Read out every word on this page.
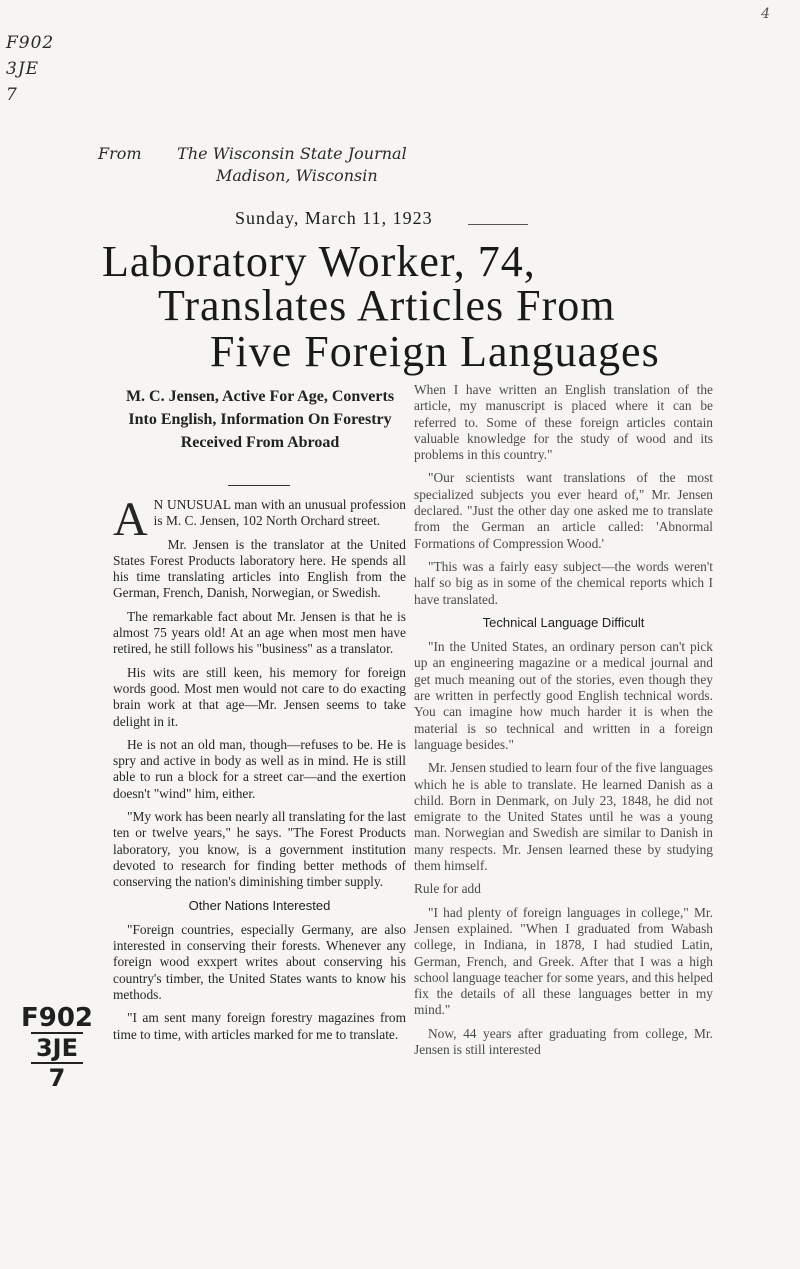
F902
3JE
7
4
From The Wisconsin State Journal
Madison, Wisconsin
Sunday, March 11, 1923
Laboratory Worker, 74,
Translates Articles From
Five Foreign Languages
M. C. Jensen, Active For Age, Converts Into English, Information On Forestry Received From Abroad

A N UNUSUAL man with an unusual profession is M. C. Jensen, 102 North Orchard street.

Mr. Jensen is the translator at the United States Forest Products laboratory here. He spends all his time translating articles into English from the German, French, Danish, Norwegian, or Swedish.

The remarkable fact about Mr. Jensen is that he is almost 75 years old! At an age when most men have retired, he still follows his "business" as a translator.

His wits are still keen, his memory for foreign words good. Most men would not care to do exacting brain work at that age—Mr. Jensen seems to take delight in it.

He is not an old man, though—refuses to be. He is spry and active in body as well as in mind. He is still able to run a block for a street car—and the exertion doesn't "wind" him, either.

"My work has been nearly all translating for the last ten or twelve years," he says. "The Forest Products laboratory, you know, is a government institution devoted to research for finding better methods of conserving the nation's diminishing timber supply.

Other Nations Interested

"Foreign countries, especially Germany, are also interested in conserving their forests. Whenever any foreign wood exxpert writes about conserving his country's timber, the United States wants to know his methods.

"I am sent many foreign forestry magazines from time to time, with articles marked for me to translate.

When I have written an English translation of the article, my manuscript is placed where it can be referred to. Some of these foreign articles contain valuable knowledge for the study of wood and its problems in this country."

"Our scientists want translations of the most specialized subjects you ever heard of," Mr. Jensen declared. "Just the other day one asked me to translate from the German an article called: 'Abnormal Formations of Compression Wood.'

"This was a fairly easy subject—the words weren't half so big as in some of the chemical reports which I have translated.

Technical Language Difficult

"In the United States, an ordinary person can't pick up an engineering magazine or a medical journal and get much meaning out of the stories, even though they are written in perfectly good English technical words. You can imagine how much harder it is when the material is so technical and written in a foreign language besides."

Mr. Jensen studied to learn four of the five languages which he is able to translate. He learned Danish as a child. Born in Denmark, on July 23, 1848, he did not emigrate to the United States until he was a young man. Norwegian and Swedish are similar to Danish in many respects. Mr. Jensen learned these by studying them himself.

Rule for add

"I had plenty of foreign languages in college," Mr. Jensen explained. "When I graduated from Wabash college, in Indiana, in 1878, I had studied Latin, German, French, and Greek. After that I was a high school language teacher for some years, and this helped fix the details of all these languages better in my mind."

Now, 44 years after graduating from college, Mr. Jensen is still interested

F902
3JE
7
